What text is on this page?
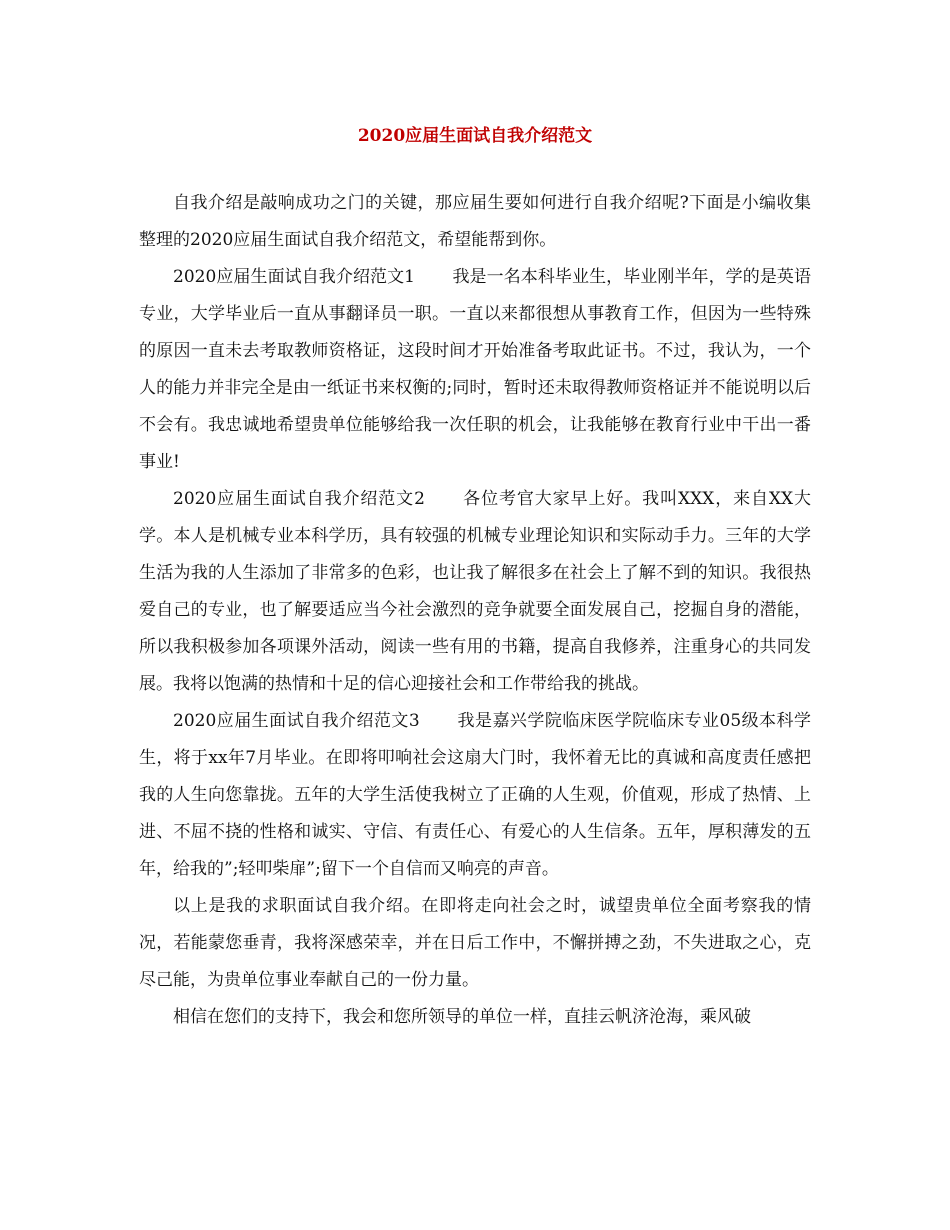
2020应届生面试自我介绍范文

自我介绍是敲响成功之门的关键，那应届生要如何进行自我介绍呢?下面是小编收集整理的2020应届生面试自我介绍范文，希望能帮到你。

2020应届生面试自我介绍范文1 我是一名本科毕业生，毕业刚半年，学的是英语专业，大学毕业后一直从事翻译员一职。一直以来都很想从事教育工作，但因为一些特殊的原因一直未去考取教师资格证，这段时间才开始准备考取此证书。不过，我认为，一个人的能力并非完全是由一纸证书来权衡的;同时，暂时还未取得教师资格证并不能说明以后不会有。我忠诚地希望贵单位能够给我一次任职的机会，让我能够在教育行业中干出一番事业!

2020应届生面试自我介绍范文2 各位考官大家早上好。我叫XXX，来自XX大学。本人是机械专业本科学历，具有较强的机械专业理论知识和实际动手力。三年的大学生活为我的人生添加了非常多的色彩，也让我了解很多在社会上了解不到的知识。我很热爱自己的专业，也了解要适应当今社会激烈的竞争就要全面发展自己，挖掘自身的潜能，所以我积极参加各项课外活动，阅读一些有用的书籍，提高自我修养，注重身心的共同发展。我将以饱满的热情和十足的信心迎接社会和工作带给我的挑战。

2020应届生面试自我介绍范文3 我是嘉兴学院临床医学院临床专业05级本科学生，将于xx年7月毕业。在即将叩响社会这扇大门时，我怀着无比的真诚和高度责任感把我的人生向您靠拢。五年的大学生活使我树立了正确的人生观，价值观，形成了热情、上进、不屈不挠的性格和诚实、守信、有责任心、有爱心的人生信条。五年，厚积薄发的五年，给我的”;轻叩柴扉”;留下一个自信而又响亮的声音。

以上是我的求职面试自我介绍。在即将走向社会之时，诚望贵单位全面考察我的情况，若能蒙您垂青，我将深感荣幸，并在日后工作中，不懈拼搏之劲，不失进取之心，克尽己能，为贵单位事业奉献自己的一份力量。

相信在您们的支持下，我会和您所领导的单位一样，直挂云帆济沧海，乘风破
